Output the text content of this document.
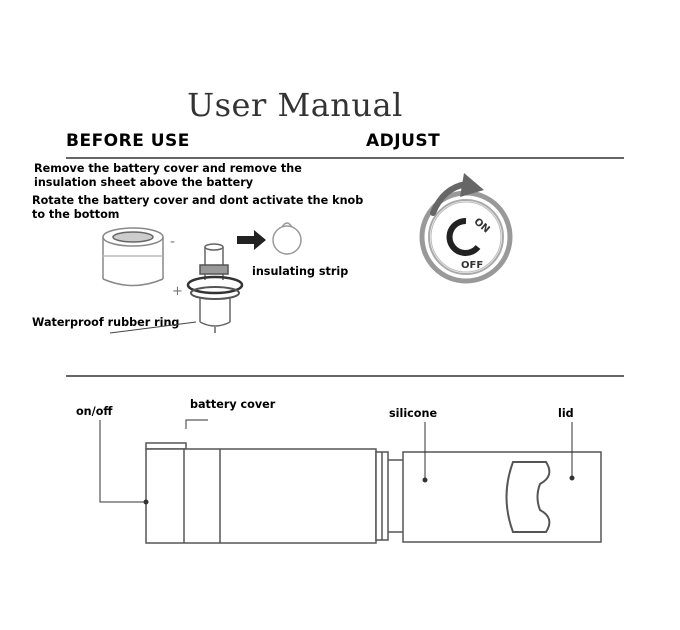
User Manual
BEFORE USE	ADJUST
Remove the battery cover and remove the insulation sheet above the battery
Rotate the battery cover and dont activate the knob to the bottom
insulating strip
Waterproof rubber ring
-
+
on/off
battery cover
silicone	lid
ON
OFF
